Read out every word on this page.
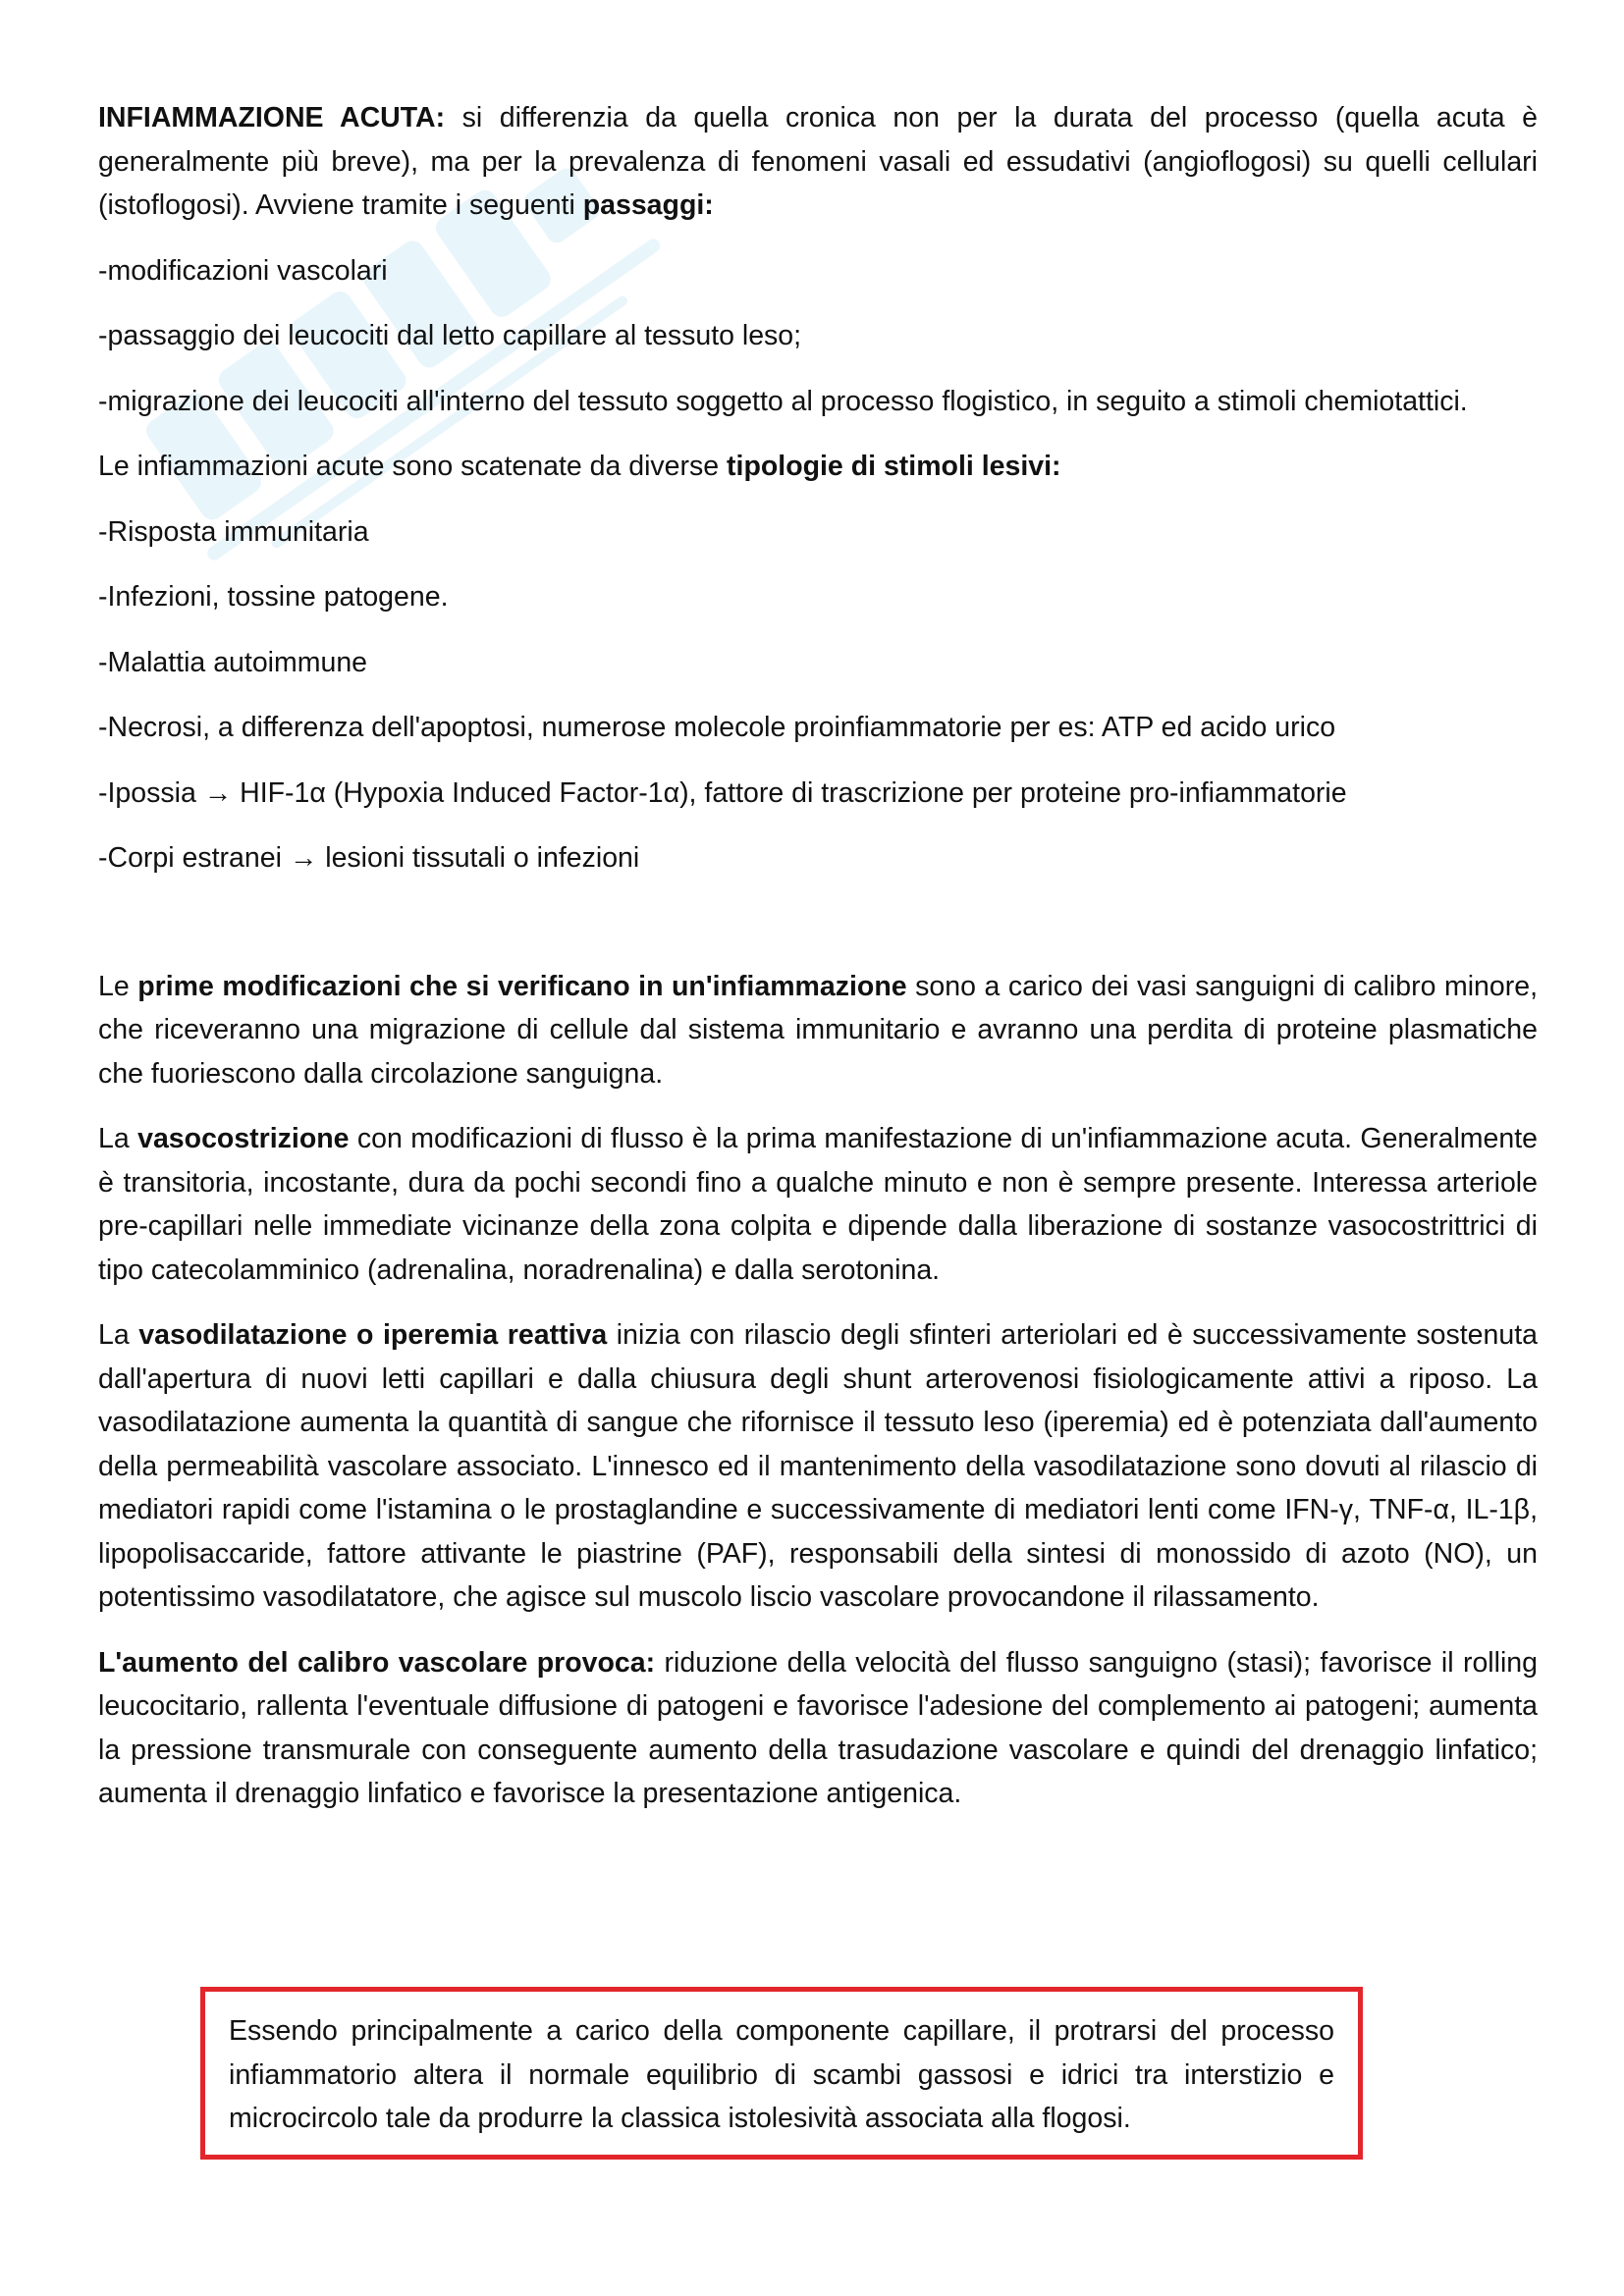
INFIAMMAZIONE ACUTA: si differenzia da quella cronica non per la durata del processo (quella acuta è generalmente più breve), ma per la prevalenza di fenomeni vasali ed essudativi (angioflogosi) su quelli cellulari (istoflogosi). Avviene tramite i seguenti passaggi:

-modificazioni vascolari

-passaggio dei leucociti dal letto capillare al tessuto leso;

-migrazione dei leucociti all'interno del tessuto soggetto al processo flogistico, in seguito a stimoli chemiotattici.

Le infiammazioni acute sono scatenate da diverse tipologie di stimoli lesivi:

-Risposta immunitaria

-Infezioni, tossine patogene.

-Malattia autoimmune

-Necrosi, a differenza dell'apoptosi, numerose molecole proinfiammatorie per es: ATP ed acido urico

-Ipossia → HIF-1α (Hypoxia Induced Factor-1α), fattore di trascrizione per proteine pro-infiammatorie

-Corpi estranei → lesioni tissutali o infezioni

Le prime modificazioni che si verificano in un'infiammazione sono a carico dei vasi sanguigni di calibro minore, che riceveranno una migrazione di cellule dal sistema immunitario e avranno una perdita di proteine plasmatiche che fuoriescono dalla circolazione sanguigna.

La vasocostrizione con modificazioni di flusso è la prima manifestazione di un'infiammazione acuta. Generalmente è transitoria, incostante, dura da pochi secondi fino a qualche minuto e non è sempre presente. Interessa arteriole pre-capillari nelle immediate vicinanze della zona colpita e dipende dalla liberazione di sostanze vasocostrittrici di tipo catecolamminico (adrenalina, noradrenalina) e dalla serotonina.

La vasodilatazione o iperemia reattiva inizia con rilascio degli sfinteri arteriolari ed è successivamente sostenuta dall'apertura di nuovi letti capillari e dalla chiusura degli shunt arterovenosi fisiologicamente attivi a riposo. La vasodilatazione aumenta la quantità di sangue che rifornisce il tessuto leso (iperemia) ed è potenziata dall'aumento della permeabilità vascolare associato. L'innesco ed il mantenimento della vasodilatazione sono dovuti al rilascio di mediatori rapidi come l'istamina o le prostaglandine e successivamente di mediatori lenti come IFN-γ, TNF-α, IL-1β, lipopolisaccaride, fattore attivante le piastrine (PAF), responsabili della sintesi di monossido di azoto (NO), un potentissimo vasodilatatore, che agisce sul muscolo liscio vascolare provocandone il rilassamento.

L'aumento del calibro vascolare provoca: riduzione della velocità del flusso sanguigno (stasi); favorisce il rolling leucocitario, rallenta l'eventuale diffusione di patogeni e favorisce l'adesione del complemento ai patogeni; aumenta la pressione transmurale con conseguente aumento della trasudazione vascolare e quindi del drenaggio linfatico; aumenta il drenaggio linfatico e favorisce la presentazione antigenica.

Essendo principalmente a carico della componente capillare, il protrarsi del processo infiammatorio altera il normale equilibrio di scambi gassosi e idrici tra interstizio e microcircolo tale da produrre la classica istolesività associata alla flogosi.
